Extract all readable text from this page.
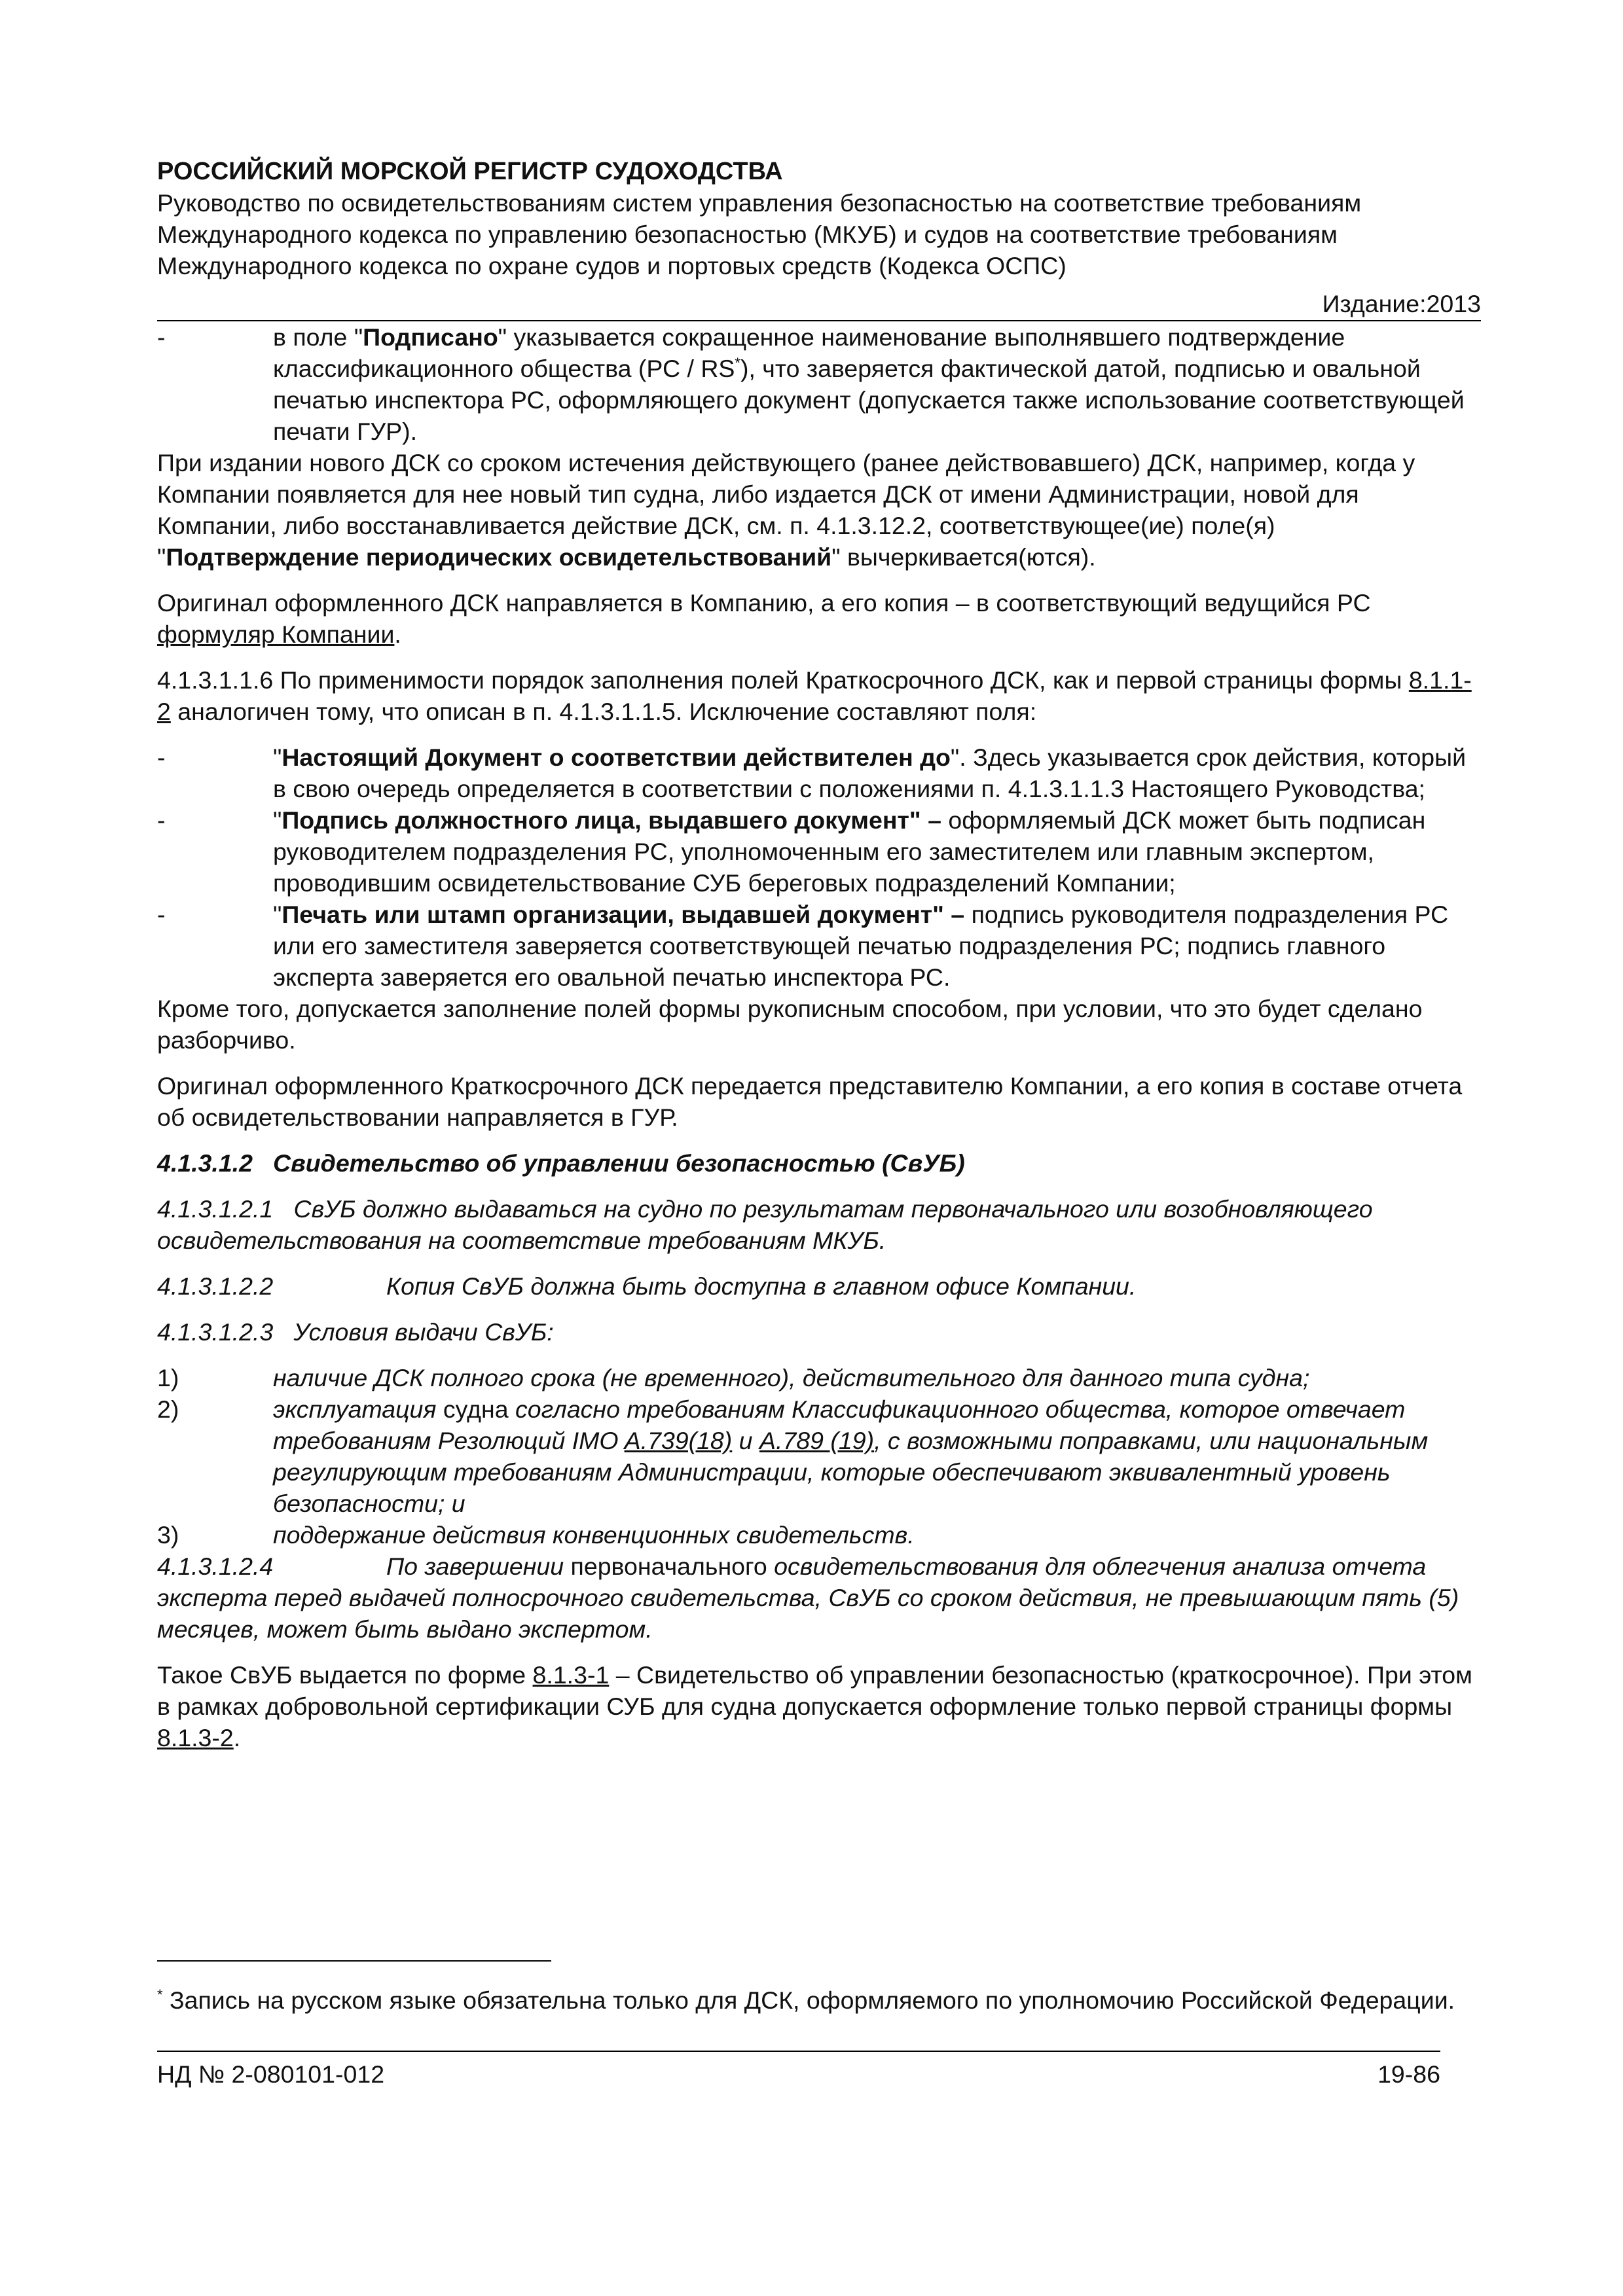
РОССИЙСКИЙ МОРСКОЙ РЕГИСТР СУДОХОДСТВА
Руководство по освидетельствованиям систем управления безопасностью на соответствие требованиям Международного кодекса по управлению безопасностью (МКУБ) и судов на соответствие требованиям Международного кодекса по охране судов и портовых средств (Кодекса ОСПС)
Издание:2013
-	в поле "Подписано" указывается сокращенное наименование выполнявшего подтверждение классификационного общества (РС / RS*), что заверяется фактической датой, подписью и овальной печатью инспектора РС, оформляющего документ (допускается также использование соответствующей печати ГУР).

При издании нового ДСК со сроком истечения действующего (ранее действовавшего) ДСК, например, когда у Компании появляется для нее новый тип судна, либо издается ДСК от имени Администрации, новой для Компании, либо восстанавливается действие ДСК, см. п. 4.1.3.12.2, соответствующее(ие) поле(я) "Подтверждение периодических освидетельствований" вычеркивается(ются).

Оригинал оформленного ДСК направляется в Компанию, а его копия – в соответствующий ведущийся РС формуляр Компании.

4.1.3.1.1.6 По применимости порядок заполнения полей Краткосрочного ДСК, как и первой страницы формы 8.1.1-2 аналогичен тому, что описан в п. 4.1.3.1.1.5. Исключение составляют поля:

-	"Настоящий Документ о соответствии действителен до". Здесь указывается срок действия, который в свою очередь определяется в соответствии с положениями п. 4.1.3.1.1.3 Настоящего Руководства;
-	"Подпись должностного лица, выдавшего документ" – оформляемый ДСК может быть подписан руководителем подразделения РС, уполномоченным его заместителем или главным экспертом, проводившим освидетельствование СУБ береговых подразделений Компании;
-	"Печать или штамп организации, выдавшей документ" – подпись руководителя подразделения РС или его заместителя заверяется соответствующей печатью подразделения РС; подпись главного эксперта заверяется его овальной печатью инспектора РС.

Кроме того, допускается заполнение полей формы рукописным способом, при условии, что это будет сделано разборчиво.

Оригинал оформленного Краткосрочного ДСК передается представителю Компании, а его копия в составе отчета об освидетельствовании направляется в ГУР.

4.1.3.1.2 Свидетельство об управлении безопасностью (СвУБ)

4.1.3.1.2.1 СвУБ должно выдаваться на судно по результатам первоначального или возобновляющего освидетельствования на соответствие требованиям МКУБ.

4.1.3.1.2.2	Копия СвУБ должна быть доступна в главном офисе Компании.

4.1.3.1.2.3 Условия выдачи СвУБ:

1)	наличие ДСК полного срока (не временного), действительного для данного типа судна;
2)	эксплуатация судна согласно требованиям Классификационного общества, которое отвечает требованиям Резолюций IMO A.739(18) и A.789 (19), с возможными поправками, или национальным регулирующим требованиям Администрации, которые обеспечивают эквивалентный уровень безопасности; и
3)	поддержание действия конвенционных свидетельств.

4.1.3.1.2.4	По завершении первоначального освидетельствования для облегчения анализа отчета эксперта перед выдачей полносрочного свидетельства, СвУБ со сроком действия, не превышающим пять (5) месяцев, может быть выдано экспертом.

Такое СвУБ выдается по форме 8.1.3-1 – Свидетельство об управлении безопасностью (краткосрочное). При этом в рамках добровольной сертификации СУБ для судна допускается оформление только первой страницы формы 8.1.3-2.

* Запись на русском языке обязательна только для ДСК, оформляемого по уполномочию Российской Федерации.
НД № 2-080101-012	19-86
